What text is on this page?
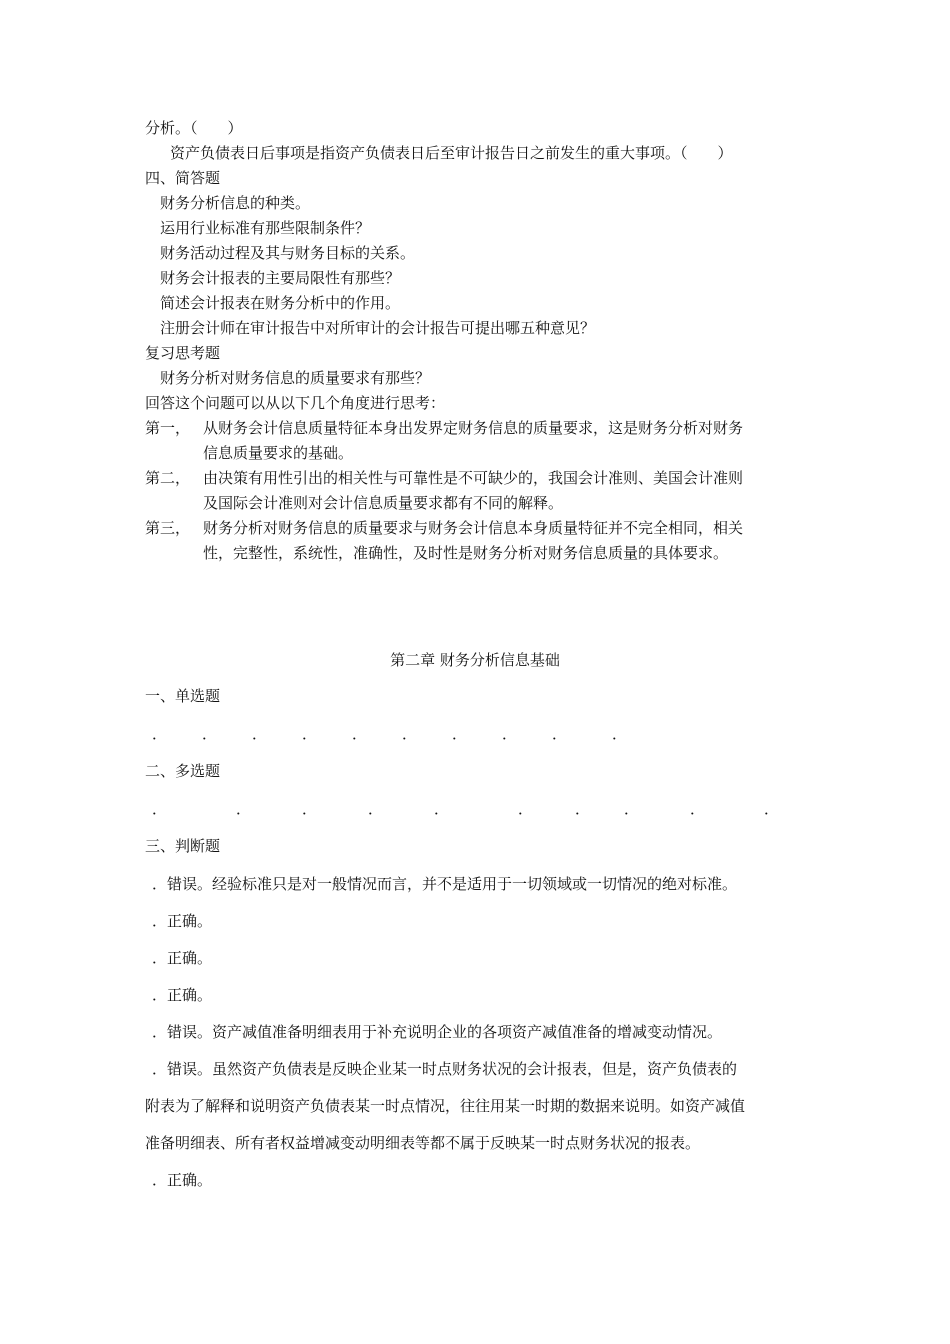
分析。（　　）
资产负债表日后事项是指资产负债表日后至审计报告日之前发生的重大事项。（　　）
四、简答题
财务分析信息的种类。
运用行业标准有那些限制条件？
财务活动过程及其与财务目标的关系。
财务会计报表的主要局限性有那些？
简述会计报表在财务分析中的作用。
注册会计师在审计报告中对所审计的会计报告可提出哪五种意见？
复习思考题
财务分析对财务信息的质量要求有那些？
回答这个问题可以从以下几个角度进行思考：
第一， 从财务会计信息质量特征本身出发界定财务信息的质量要求，这是财务分析对财务
信息质量要求的基础。
第二， 由决策有用性引出的相关性与可靠性是不可缺少的，我国会计准则、美国会计准则
及国际会计准则对会计信息质量要求都有不同的解释。
第三， 财务分析对财务信息的质量要求与财务会计信息本身质量特征并不完全相同，相关
性，完整性，系统性，准确性，及时性是财务分析对财务信息质量的具体要求。
第二章 财务分析信息基础
一、单选题
． ． ． ． ． ． ． ． ．	．
二、多选题
．	．	．	．	．	．	． ．	．	．
三、判断题
．错误。经验标准只是对一般情况而言，并不是适用于一切领域或一切情况的绝对标准。
．正确。
．正确。
．正确。
．错误。资产减值准备明细表用于补充说明企业的各项资产减值准备的增减变动情况。
．错误。虽然资产负债表是反映企业某一时点财务状况的会计报表，但是，资产负债表的
附表为了解释和说明资产负债表某一时点情况，往往用某一时期的数据来说明。如资产减值
准备明细表、所有者权益增减变动明细表等都不属于反映某一时点财务状况的报表。
．正确。
